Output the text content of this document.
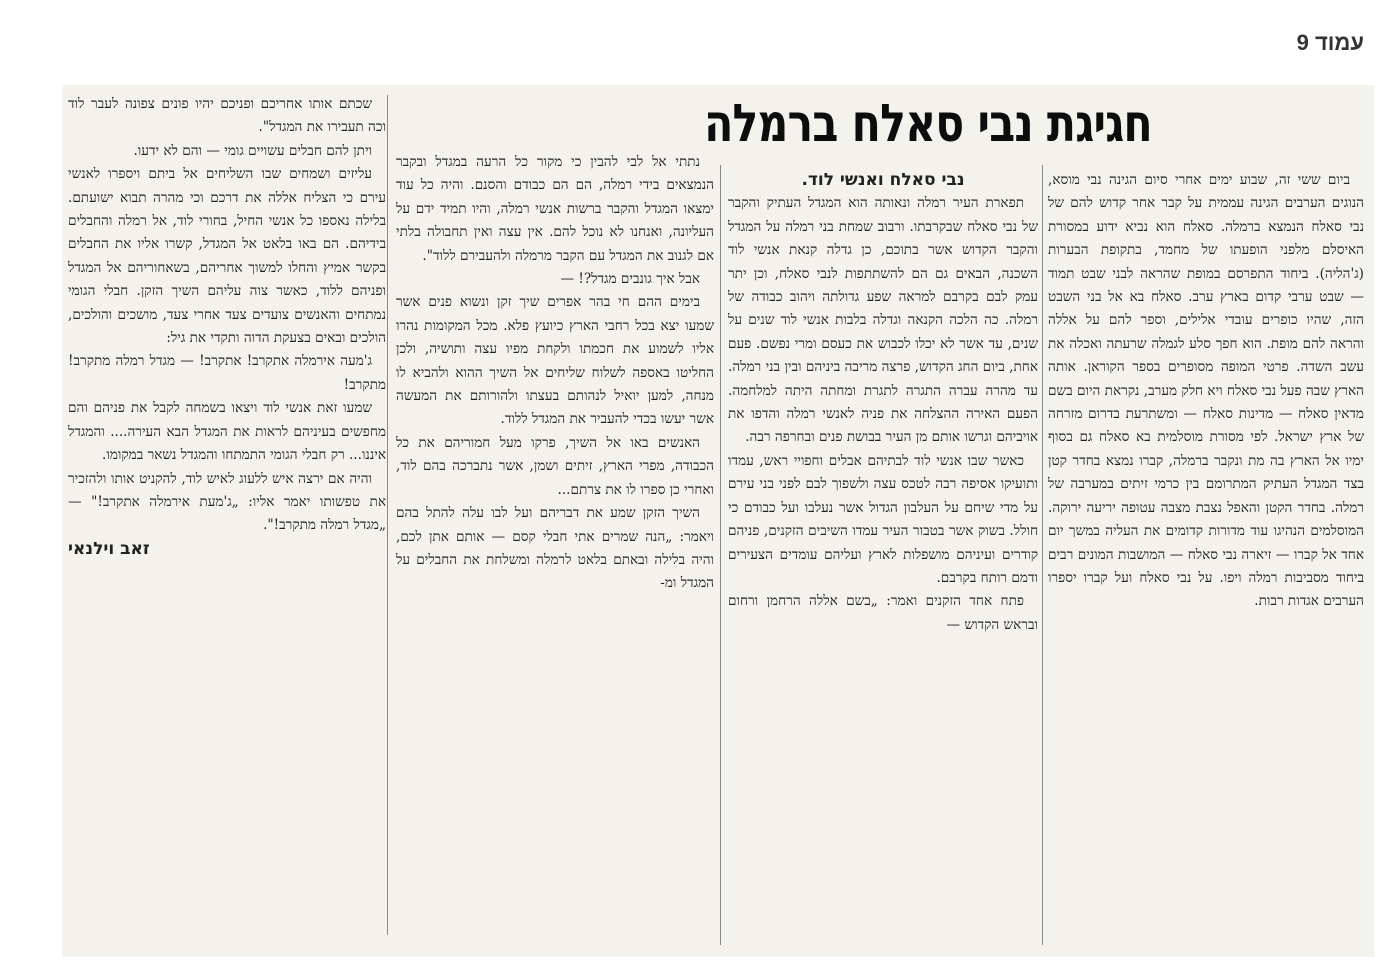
עמוד 9
חגיגת נבי סאלח ברמלה

ביום ששי זה, שבוע ימים אחרי סיום הגינה נבי מוסא, הנוגים הערבים הגינה עממית על קבר אחר קדוש להם של נבי סאלח הנמצא ברמלה. סאלח הוא נביא ידוע במסורת האיסלם מלפני הופעתו של מחמד, בתקופת הבערות (ג'הליה). ביחוד התפרסם במופת שהראה לבני שבט תמוד — שבט ערבי קדום בארץ ערב. סאלח בא אל בני השבט הזה, שהיו כופרים עובדי אלילים, וספר להם על אללה והראה להם מופת. הוא חפך סלע לגמלה שרעתה ואכלה את עשב השדה. פרטי המופה מסופרים בספר הקוראן. אותה הארץ שבה פעל נבי סאלח ויא חלק מערב, נקראת היום בשם מדאין סאלח — מדינות סאלח — ומשתרעת בדרום מזרחה של ארץ ישראל. לפי מסורת מוסלמית בא סאלח גם בסוף ימיו אל הארץ בה מת ונקבר ברמלה, קברו נמצא בחדר קטן בצד המגדל העתיק המתרומם בין כרמי זיתים במערבה של רמלה. בחדר הקטן והאפל נצבת מצבה עטופה יריעה ירוקה. המוסלמים הנהיגו עוד מדורות קדומים את העליה במשך יום אחד אל קברו — זיארה נבי סאלח — המושבות המונים רבים ביחוד מסביבות רמלה ויפו. על נבי סאלח ועל קברו יספרו הערבים אגדות רבות.

נבי סאלח ואנשי לוד.

תפארת העיר רמלה ונאותה הוא המגדל העתיק והקבר של נבי סאלח שבקרבתו. ורבוב שמחת בני רמלה על המגדל והקבר הקדוש אשר בתוכם, כן גדלה קנאת אנשי לוד השכנה, הבאים גם הם להשתתפות לנבי סאלח, וכן יתר עמק לבם בקרבם למראה שפע גדולתה ויהוב כבודה של רמלה. כה הלכה הקנאה וגדלה בלבות אנשי לוד שנים על שנים, עד אשר לא יכלו לכבוש את כעסם ומרי נפשם. פעם אחת, ביום החג הקדוש, פרצה מריבה ביניהם ובין בני רמלה. עד מהרה עברה התגרה לתגרת ומחתה היתה למלחמה. הפעם האירה ההצלחה את פניה לאנשי רמלה והדפו את אויביהם וגרשו אותם מן העיר בבושת פנים ובחרפה רבה.

כאשר שבו אנשי לוד לבתיהם אבלים וחפויי ראש, עמדו ותועיקו אסיפה רבה לטכס עצה ולשפוך לבם לפני בני עירם על מדי שיחם על העלבון הגדול אשר נעלבו ועל כבודם כי חולל. בשוק אשר בטבור העיר עמדו השיבים הזקנים, פניהם קודרים ועיניהם מושפלות לארץ ועליהם עומדים הצעירים ודמם רותח בקרבם.

פתח אחד הזקנים ואמר: „בשם אללה הרחמן ורחום ובראש הקדוש —

נתתי אל לבי להבין כי מקור כל הרעה במגדל ובקבר הנמצאים בידי רמלה, הם הם כבודם והסנם. והיה כל עוד ימצאו המגדל והקבר ברשות אנשי רמלה, והיו תמיד ידם על העליונה, ואנחנו לא נוכל להם. אין עצה ואין תחבולה בלתי אם לגנוב את המגדל עם הקבר מרמלה ולהעבירם ללוד".

אבל איך גונבים מגדל?! —

בימים ההם חי בהר אפרים שיך זקן ונשוא פנים אשר שמעו יצא בכל רחבי הארץ כיועץ פלא. מכל המקומות נהרו אליו לשמוע את חכמתו ולקחת מפיו עצה ותושיה, ולכן החליטו באספה לשלוח שליחים אל השיך ההוא ולהביא לו מנחה, למען יואיל לנהותם בעצתו ולהורותם את המעשה אשר יעשו בכדי להעביר את המגדל ללוד.

האנשים באו אל השיך, פרקו מעל חמוריהם את כל הכבודה, מפרי הארץ, זיתים ושמן, אשר נתברכה בהם לוד, ואחרי כן ספרו לו את צרתם...

השיך הזקן שמע את דבריהם ועל לבו עלה להתל בהם ויאמר: „הנה שמרים אתי חבלי קסם — אותם אתן לכם, והיה בלילה ובאתם בלאט לרמלה ומשלחת את החבלים על המגדל ומ-

שכתם אותו אחריכם ופניכם יהיו פונים צפונה לעבר לוד וכה תעבירו את המגדל".

ויתן להם חבלים עשויים גומי — והם לא ידעו.

עליזים ושמחים שבו השליחים אל ביתם ויספרו לאנשי עירם כי הצליח אללה את דרכם וכי מהרה תבוא ישועתם. בלילה נאספו כל אנשי החיל, בחורי לוד, אל רמלה והחבלים בידיהם. הם באו בלאט אל המגדל, קשרו אליו את החבלים בקשר אמיץ והחלו למשוך אחריהם, בשאחוריהם אל המגדל ופניהם ללוד, כאשר צוה עליהם השיך הזקן. חבלי הגומי נמתחים והאנשים צועדים צעד אחרי צעד, מושכים והולכים, הולכים ובאים בצעקת הדוה ותקדי את גיל:

ג'מעה אירמלה אתקרב! אתקרב! — מגדל רמלה מתקרב! מתקרב!

שמעו זאת אנשי לוד ויצאו בשמחה לקבל את פניהם והם מחפשים בעיניהם לראות את המגדל הבא העירה.... והמגדל איננו... רק חבלי הגומי התמתחו והמגדל נשאר במקומו.

והיה אם ירצה איש ללעוג לאיש לוד, להקניט אותו ולהזכיר את טפשותו יאמר אליו: „ג'מעת אירמלה אתקרב!" — „מגדל רמלה מתקרב!".

זאב וילנאי
